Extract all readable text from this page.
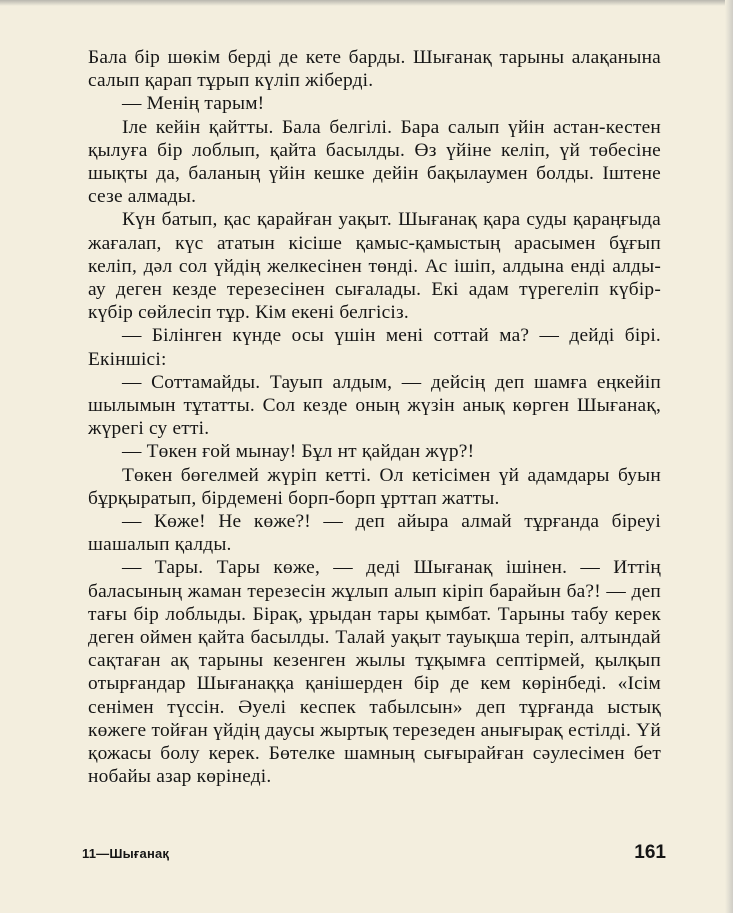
Бала бір шөкім берді де кете барды. Шығанақ тарыны алақанына салып қарап тұрып күліп жіберді.

— Менің тарым!

Іле кейін қайтты. Бала белгілі. Бара салып үйін астан-кестен қылуға бір лоблып, қайта басылды. Өз үйіне келіп, үй төбесіне шықты да, баланың үйін кешке дейін бақылаумен болды. Іштене сезе алмады.

Күн батып, қас қарайған уақыт. Шығанақ қара суды қараңғыда жағалап, күс ататын кісіше қамыс-қамыстың арасымен бұғып келіп, дәл сол үйдің желкесінен төнді. Ас ішіп, алдына енді алды-ау деген кезде терезесінен сығалады. Екі адам түрегеліп күбір-күбір сөйлесіп тұр. Кім екені белгісіз.

— Білінген күнде осы үшін мені соттай ма? — дейді бірі. Екіншісі:

— Соттамайды. Тауып алдым, — дейсің деп шамға еңкейіп шылымын тұтатты. Сол кезде оның жүзін анық көрген Шығанақ, жүрегі су етті.

— Төкен ғой мынау! Бұл нт қайдан жүр?!

Төкен бөгелмей жүріп кетті. Ол кетісімен үй адамдары буын бұрқыратып, бірдемені борп-борп ұрттап жатты.

— Көже! Не көже?! — деп айыра алмай тұрғанда біреуі шашалып қалды.

— Тары. Тары көже, — деді Шығанақ ішінен. — Иттің баласының жаман терезесін жұлып алып кіріп барайын ба?! — деп тағы бір лоблыды. Бірақ, ұрыдан тары қымбат. Тарыны табу керек деген оймен қайта басылды. Талай уақыт тауықша теріп, алтындай сақтаған ақ тарыны кезенген жылы тұқымға септірмей, қылқып отырғандар Шығанаққа қанішерден бір де кем көрінбеді. «Ісім сенімен түссін. Әуелі кеспек табылсын» деп тұрғанда ыстық көжеге тойған үйдің даусы жыртық терезеден анығырақ естілді. Үй қожасы болу керек. Бөтелке шамның сығырайған сәулесімен бет нобайы азар көрінеді.

11—Шығанақ	161
